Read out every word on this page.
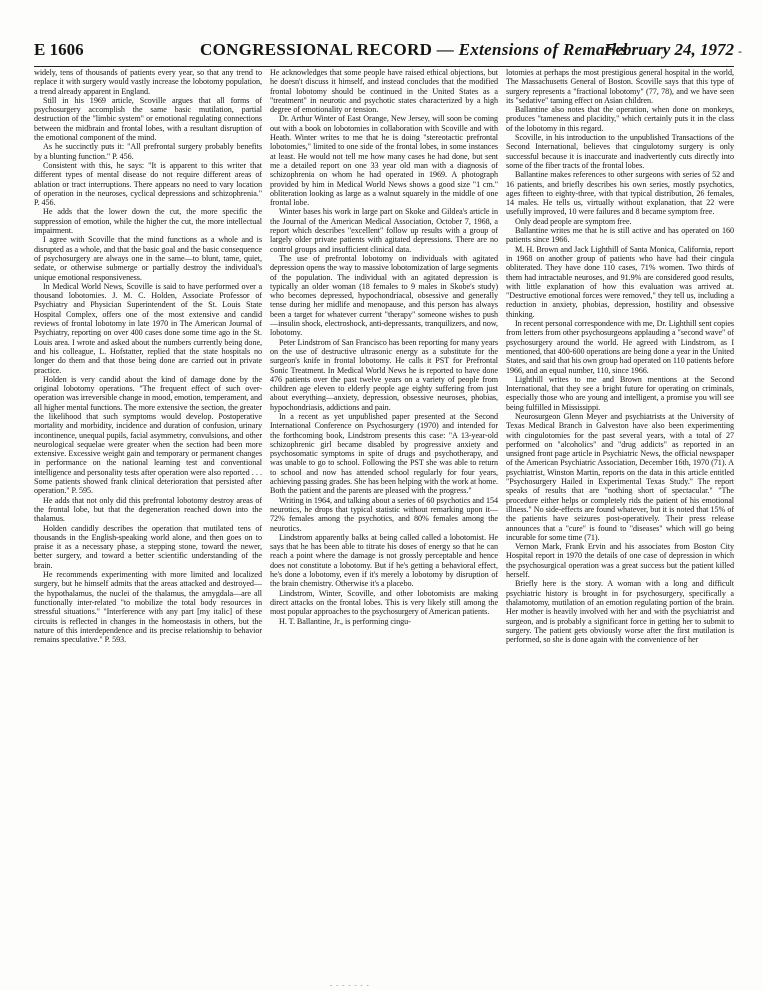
E 1606	CONGRESSIONAL RECORD — Extensions of Remarks
February 24, 1972 ‑

widely, tens of thousands of patients every year, so that any trend to replace it with surgery would vastly increase the lobotomy population, a trend already apparent in England.

Still in his 1969 article, Scoville argues that all forms of psychosurgery accomplish the same basic mutilation, partial destruction of the "limbic system" or emotional regulating connections between the midbrain and frontal lobes, with a resultant disruption of the emotional component of the mind.

As he succinctly puts it: "All prefrontal surgery probably benefits by a blunting function." P. 456.

Consistent with this, he says: "It is apparent to this writer that different types of mental disease do not require different areas of ablation or tract interruptions. There appears no need to vary location of operation in the neuroses, cyclical depressions and schizophrenia." P. 456.

He adds that the lower down the cut, the more specific the suppression of emotion, while the higher the cut, the more intellectual impairment.

I agree with Scoville that the mind functions as a whole and is disrupted as a whole, and that the basic goal and the basic consequence of psychosurgery are always one in the same—to blunt, tame, quiet, sedate, or otherwise submerge or partially destroy the individual's unique emotional responsiveness.

In Medical World News, Scoville is said to have performed over a thousand lobotomies. J. M. C. Holden, Associate Professor of Psychiatry and Physician Superintendent of the St. Louis State Hospital Complex, offers one of the most extensive and candid reviews of frontal lobotomy in late 1970 in The American Journal of Psychiatry, reporting on over 400 cases done some time ago in the St. Louis area. I wrote and asked about the numbers currently being done, and his colleague, L. Hofstatter, replied that the state hospitals no longer do them and that those being done are carried out in private practice.

Holden is very candid about the kind of damage done by the original lobotomy operations. "The frequent effect of such over-operation was irreversible change in mood, emotion, temperament, and all higher mental functions. The more extensive the section, the greater the likelihood that such symptoms would develop. Postoperative mortality and morbidity, incidence and duration of confusion, urinary incontinence, unequal pupils, facial asymmetry, convulsions, and other neurological sequelae were greater when the section had been more extensive. Excessive weight gain and temporary or permanent changes in performance on the national learning test and conventional intelligence and personality tests after operation were also reported . . . Some patients showed frank clinical deterioration that persisted after operation." P. 595.

He adds that not only did this prefrontal lobotomy destroy areas of the frontal lobe, but that the degeneration reached down into the thalamus.

Holden candidly describes the operation that mutilated tens of thousands in the English-speaking world alone, and then goes on to praise it as a necessary phase, a stepping stone, toward the newer, better surgery, and toward a better scientific understanding of the brain.

He recommends experimenting with more limited and localized surgery, but he himself admits that the areas attacked and destroyed—the hypothalamus, the nuclei of the thalamus, the amygdala—are all functionally inter-related "to mobilize the total body resources in stressful situations." "Interference with any part [my italic] of these circuits is reflected in changes in the homeostasis in others, but the nature of this interdependence and its precise relationship to behavior remains speculative." P. 593.

He acknowledges that some people have raised ethical objections, but he doesn't discuss it himself, and instead concludes that the modified frontal lobotomy should be continued in the United States as a "treatment" in neurotic and psychotic states characterized by a high degree of emotionality or tension.

Dr. Arthur Winter of East Orange, New Jersey, will soon be coming out with a book on lobotomies in collaboration with Scoville and with Heath. Winter writes to me that he is doing "stereotactic prefrontal lobotomies," limited to one side of the frontal lobes, in some instances at least. He would not tell me how many cases he had done, but sent me a detailed report on one 33 year old man with a diagnosis of schizophrenia on whom he had operated in 1969. A photograph provided by him in Medical World News shows a good size "1 cm." obliteration looking as large as a walnut squarely in the middle of one frontal lobe.

Winter bases his work in large part on Skoke and Gildea's article in the Journal of the American Medical Association, October 7, 1968, a report which describes "excellent" follow up results with a group of largely older private patients with agitated depressions. There are no control groups and insufficient clinical data.

The use of prefrontal lobotomy on individuals with agitated depression opens the way to massive lobotomization of large segments of the population. The individual with an agitated depression is typically an older woman (18 females to 9 males in Skobe's study) who becomes depressed, hypochondriacal, obsessive and generally tense during her midlife and menopause, and this person has always been a target for whatever current "therapy" someone wishes to push—insulin shock, electroshock, anti-depressants, tranquilizers, and now, lobotomy.

Peter Lindstrom of San Francisco has been reporting for many years on the use of destructive ultrasonic energy as a substitute for the surgeon's knife in frontal lobotomy. He calls it PST for Prefrontal Sonic Treatment. In Medical World News he is reported to have done 476 patients over the past twelve years on a variety of people from children age eleven to elderly people age eighty suffering from just about everything—anxiety, depression, obsessive neuroses, phobias, hypochondriasis, addictions and pain.

In a recent as yet unpublished paper presented at the Second International Conference on Psychosurgery (1970) and intended for the forthcoming book, Lindstrom presents this case: "A 13-year-old schizophrenic girl became disabled by progressive anxiety and psychosomatic symptoms in spite of drugs and psychotherapy, and was unable to go to school. Following the PST she was able to return to school and now has attended school regularly for four years, achieving passing grades. She has been helping with the work at home. Both the patient and the parents are pleased with the progress."

Writing in 1964, and talking about a series of 60 psychotics and 154 neurotics, he drops that typical statistic without remarking upon it—72% females among the psychotics, and 80% females among the neurotics.

Lindstrom apparently balks at being called called a lobotomist. He says that he has been able to titrate his doses of energy so that he can reach a point where the damage is not grossly perceptable and hence does not constitute a lobotomy. But if he's getting a behavioral effect, he's done a lobotomy, even if it's merely a lobotomy by disruption of the brain chemistry. Otherwise it's a placebo.

Lindstrom, Winter, Scoville, and other lobotomists are making direct attacks on the frontal lobes. This is very likely still among the most popular approaches to the psychosurgery of American patients.

H. T. Ballantine, Jr., is performing cingu-

lotomies at perhaps the most prestigious general hospital in the world, The Massachusetts General of Boston. Scoville says that this type of surgery represents a "fractional lobotomy" (77, 78), and we have seen its "sedative" taming effect on Asian children.

Ballantine also notes that the operation, when done on monkeys, produces "tameness and placidity," which certainly puts it in the class of the lobotomy in this regard.

Scoville, in his introduction to the unpublished Transactions of the Second International, believes that cingulotomy surgery is only successful because it is inaccurate and inadvertently cuts directly into some of the fiber tracts of the frontal lobes.

Ballantine makes references to other surgeons with series of 52 and 16 patients, and briefly describes his own series, mostly psychotics, ages fifteen to eighty-three, with that typical distribution, 26 females, 14 males. He tells us, virtually without explanation, that 22 were usefully improved, 10 were failures and 8 became symptom free.

Only dead people are symptom free.

Ballantine writes me that he is still active and has operated on 160 patients since 1966.

M. H. Brown and Jack Lighthill of Santa Monica, California, report in 1968 on another group of patients who have had their cingula obliterated. They have done 110 cases, 71% women. Two thirds of them had intractable neuroses, and 91.9% are considered good results, with little explanation of how this evaluation was arrived at. "Destructive emotional forces were removed," they tell us, including a reduction in anxiety, phobias, depression, hostility and obsessive thinking.

In recent personal correspondence with me, Dr. Lighthill sent copies from letters from other psychosurgeons applauding a "second wave" of psychosurgery around the world. He agreed with Lindstrom, as I mentioned, that 400-600 operations are being done a year in the United States, and said that his own group had operated on 110 patients before 1966, and an equal number, 110, since 1966.

Lighthill writes to me and Brown mentions at the Second International, that they see a bright future for operating on criminals, especially those who are young and intelligent, a promise you will see being fulfilled in Mississippi.

Neurosurgeon Glenn Meyer and psychiatrists at the University of Texas Medical Branch in Galveston have also been experimenting with cingulotomies for the past several years, with a total of 27 performed on "alcoholics" and "drug addicts" as reported in an unsigned front page article in Psychiatric News, the official newspaper of the American Psychiatric Association, December 16th, 1970 (71). A psychiatrist, Winston Martin, reports on the data in this article entitled "Psychosurgery Hailed in Experimental Texas Study." The report speaks of results that are "nothing short of spectacular." "The procedure either helps or completely rids the patient of his emotional illness." No side-effects are found whatever, but it is noted that 15% of the patients have seizures post-operatively. Their press release announces that a "cure" is found to "diseases" which will go being incurable for some time (71).

Vernon Mark, Frank Ervin and his associates from Boston City Hospital report in 1970 the details of one case of depression in which the psychosurgical operation was a great success but the patient killed herself.

Briefly here is the story. A woman with a long and difficult psychiatric history is brought in for psychosurgery, specifically a thalamotomy, mutilation of an emotion regulating portion of the brain. Her mother is heavily involved with her and with the psychiatrist and surgeon, and is probably a significant force in getting her to submit to surgery. The patient gets obviously worse after the first mutilation is performed, so she is done again with the convenience of her

- - - - - - -
